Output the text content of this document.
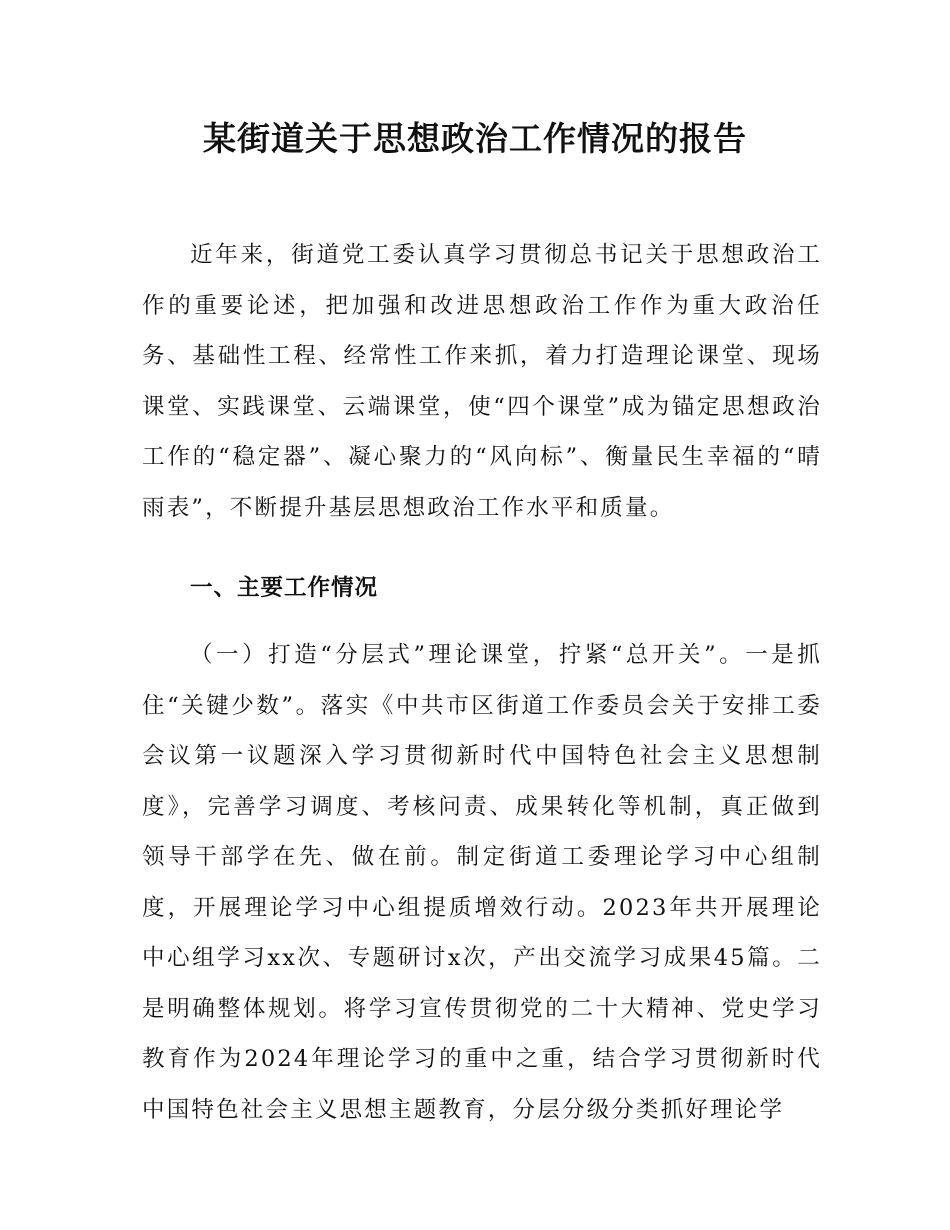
某街道关于思想政治工作情况的报告
近年来，街道党工委认真学习贯彻总书记关于思想政治工作的重要论述，把加强和改进思想政治工作作为重大政治任务、基础性工程、经常性工作来抓，着力打造理论课堂、现场课堂、实践课堂、云端课堂，使“四个课堂”成为锚定思想政治工作的“稳定器”、凝心聚力的“风向标”、衡量民生幸福的“晴雨表”，不断提升基层思想政治工作水平和质量。
一、主要工作情况
（一）打造“分层式”理论课堂，拧紧“总开关”。一是抓住“关键少数”。落实《中共市区街道工作委员会关于安排工委会议第一议题深入学习贯彻新时代中国特色社会主义思想制度》，完善学习调度、考核问责、成果转化等机制，真正做到领导干部学在先、做在前。制定街道工委理论学习中心组制度，开展理论学习中心组提质增效行动。2023年共开展理论中心组学习xx次、专题研讨x次，产出交流学习成果45篇。二是明确整体规划。将学习宣传贯彻党的二十大精神、党史学习教育作为2024年理论学习的重中之重，结合学习贯彻新时代中国特色社会主义思想主题教育，分层分级分类抓好理论学
